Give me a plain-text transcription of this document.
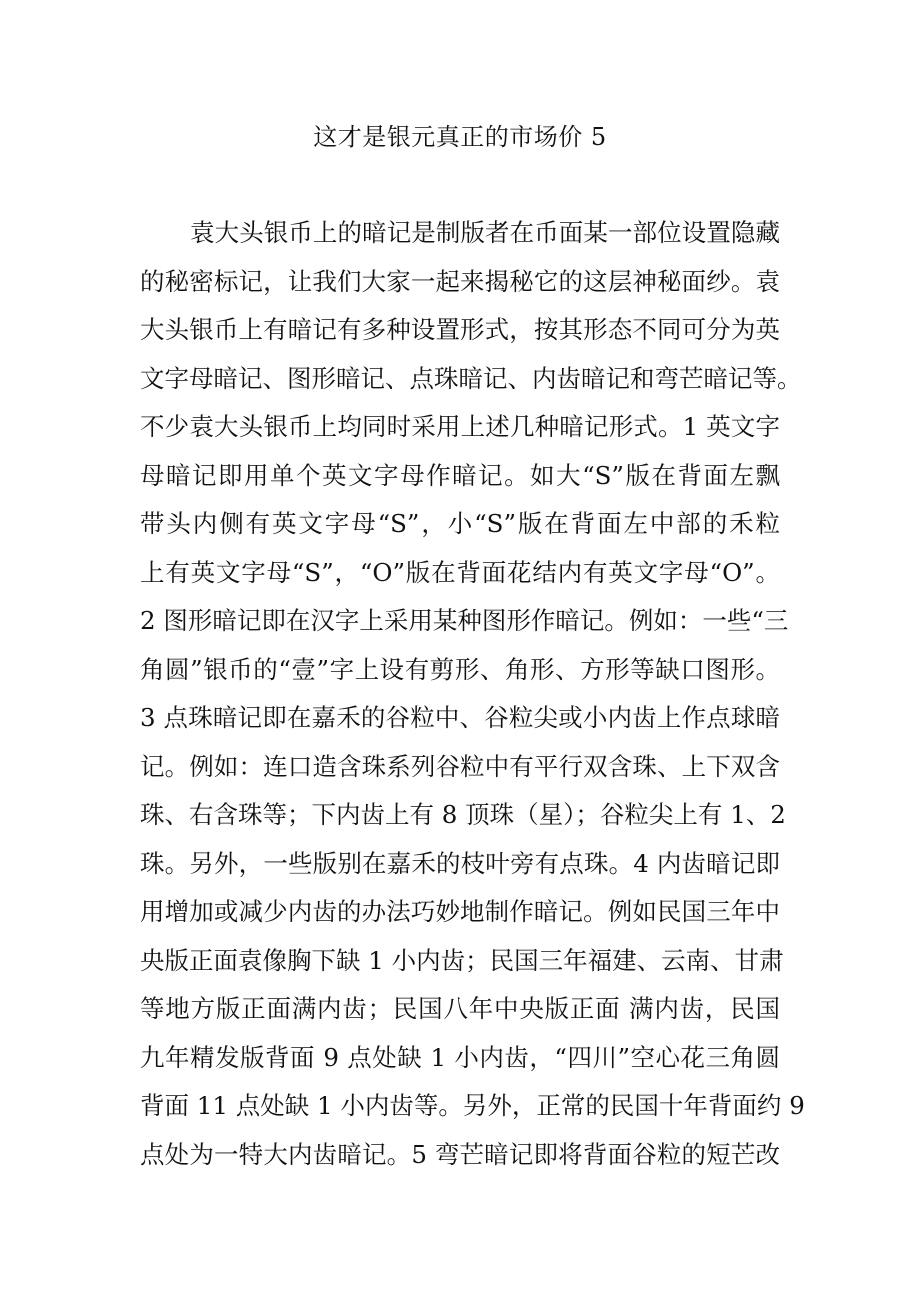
这才是银元真正的市场价 5
袁大头银币上的暗记是制版者在币面某一部位设置隐藏
的秘密标记，让我们大家一起来揭秘它的这层神秘面纱。袁
大头银币上有暗记有多种设置形式，按其形态不同可分为英
文字母暗记、图形暗记、点珠暗记、内齿暗记和弯芒暗记等。
不少袁大头银币上均同时采用上述几种暗记形式。1 英文字
母暗记即用单个英文字母作暗记。如大“S”版在背面左飘
带头内侧有英文字母“S”，小“S”版在背面左中部的禾粒
上有英文字母“S”，“O”版在背面花结内有英文字母“O”。
2 图形暗记即在汉字上采用某种图形作暗记。例如：一些“三
角圆”银币的“壹”字上设有剪形、角形、方形等缺口图形。
3 点珠暗记即在嘉禾的谷粒中、谷粒尖或小内齿上作点球暗
记。例如：连口造含珠系列谷粒中有平行双含珠、上下双含
珠、右含珠等；下内齿上有 8 顶珠（星）；谷粒尖上有 1、2
珠。另外，一些版别在嘉禾的枝叶旁有点珠。4 内齿暗记即
用增加或减少内齿的办法巧妙地制作暗记。例如民国三年中
央版正面袁像胸下缺 1 小内齿；民国三年福建、云南、甘肃
等地方版正面满内齿；民国八年中央版正面 满内齿，民国
九年精发版背面 9 点处缺 1 小内齿，“四川”空心花三角圆
背面 11 点处缺 1 小内齿等。另外，正常的民国十年背面约 9
点处为一特大内齿暗记。5 弯芒暗记即将背面谷粒的短芒改
